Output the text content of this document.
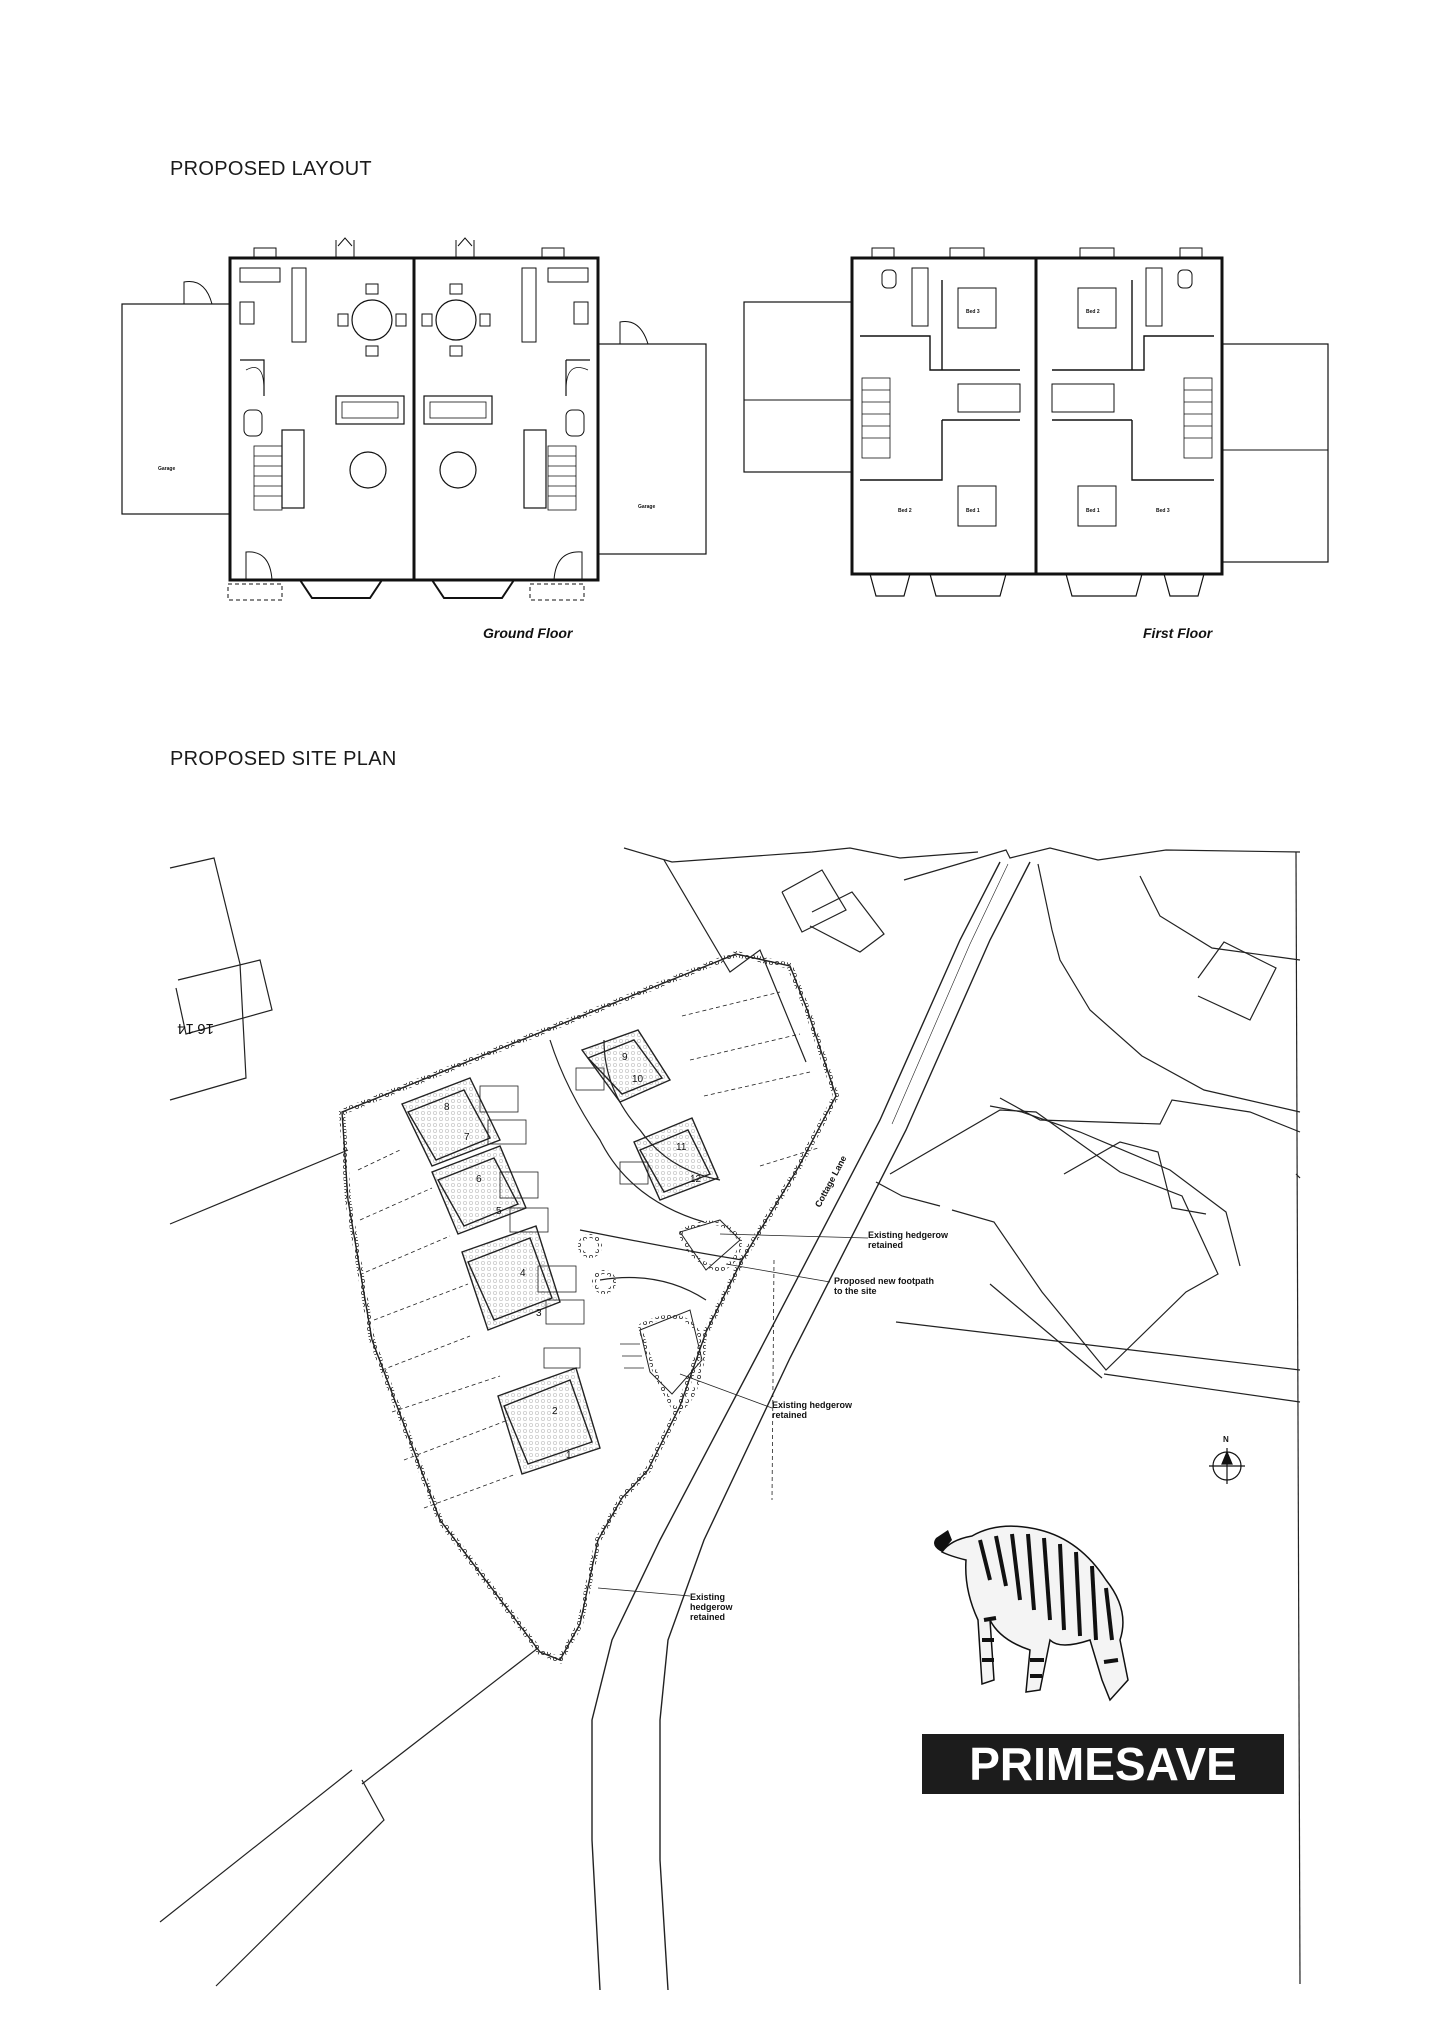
PROPOSED LAYOUT
PROPOSED SITE PLAN
Garage
Garage
Ground Floor
Bed 3	Bed 2
Bed 2	Bed 1	Bed 1	Bed 3
First Floor
Cottage Lane
16
14
1
2
3
4
5
6
7
8
9
10
11
12
Existing hedgerow retained
Proposed new footpath to the site
Existing hedgerow retained
Existing hedgerow retained
N
PRIMESAVE
